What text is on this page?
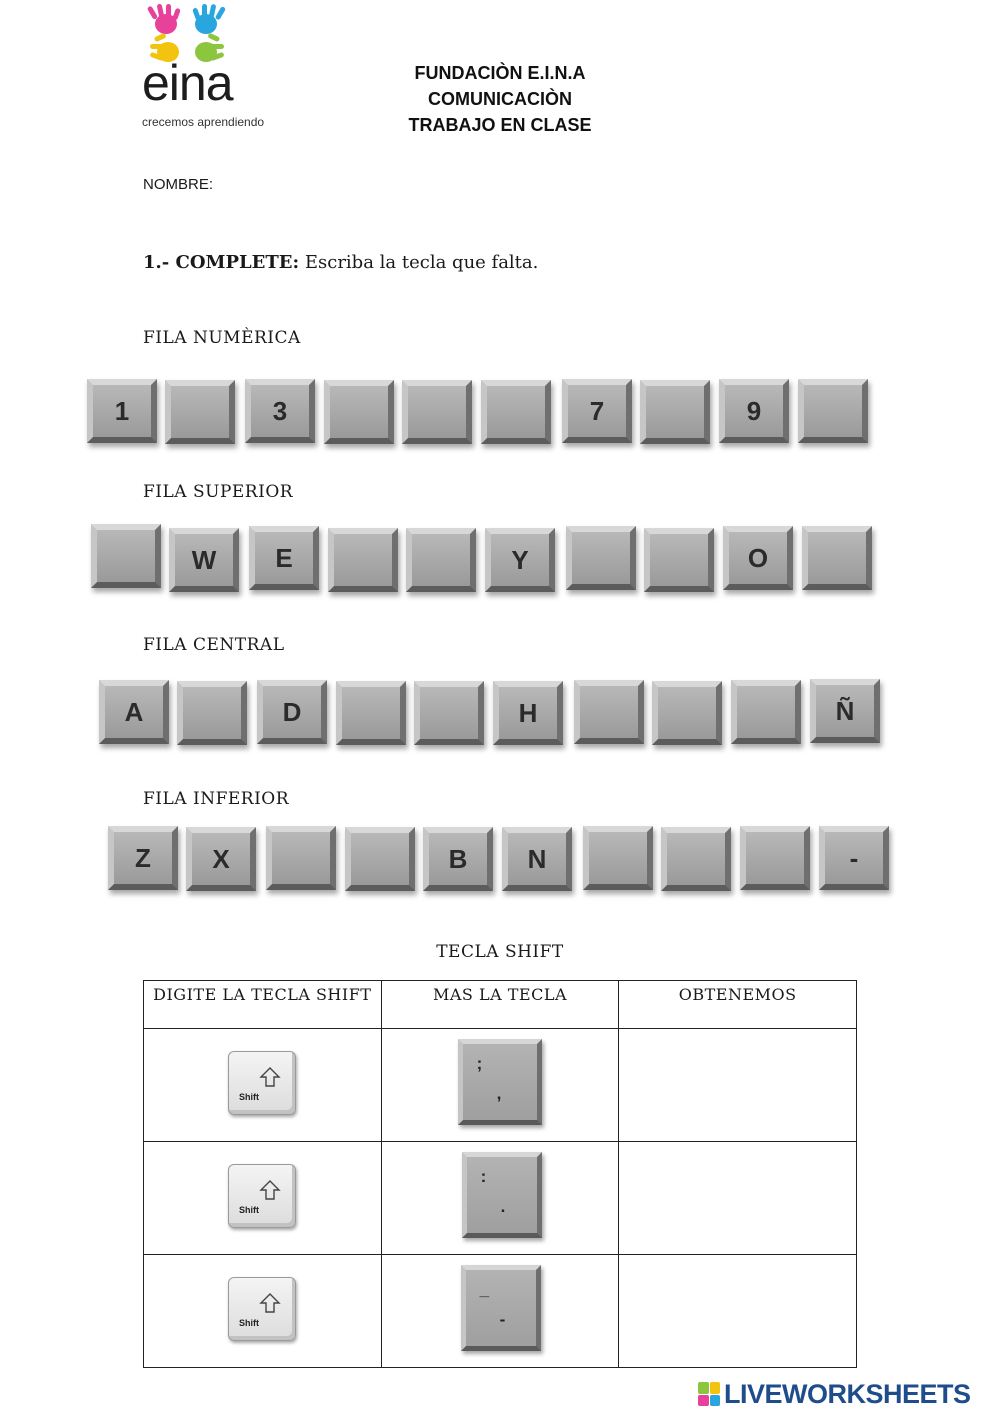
eina
crecemos aprendiendo
FUNDACIÒN E.I.N.A
COMUNICACIÒN
TRABAJO EN CLASE
NOMBRE:
1.- COMPLETE: Escriba la tecla que falta.
FILA NUMÈRICA
FILA SUPERIOR
FILA CENTRAL
FILA INFERIOR
1	3	7	9
W	E	Y	O
A	D	H	Ñ
Z	X	B	N	-
TECLA SHIFT
DIGITE LA TECLA SHIFT	MAS LA TECLA	OBTENEMOS

Shift	;
,	

Shift	:
.	

Shift	_
-	

LIVEWORKSHEETS
